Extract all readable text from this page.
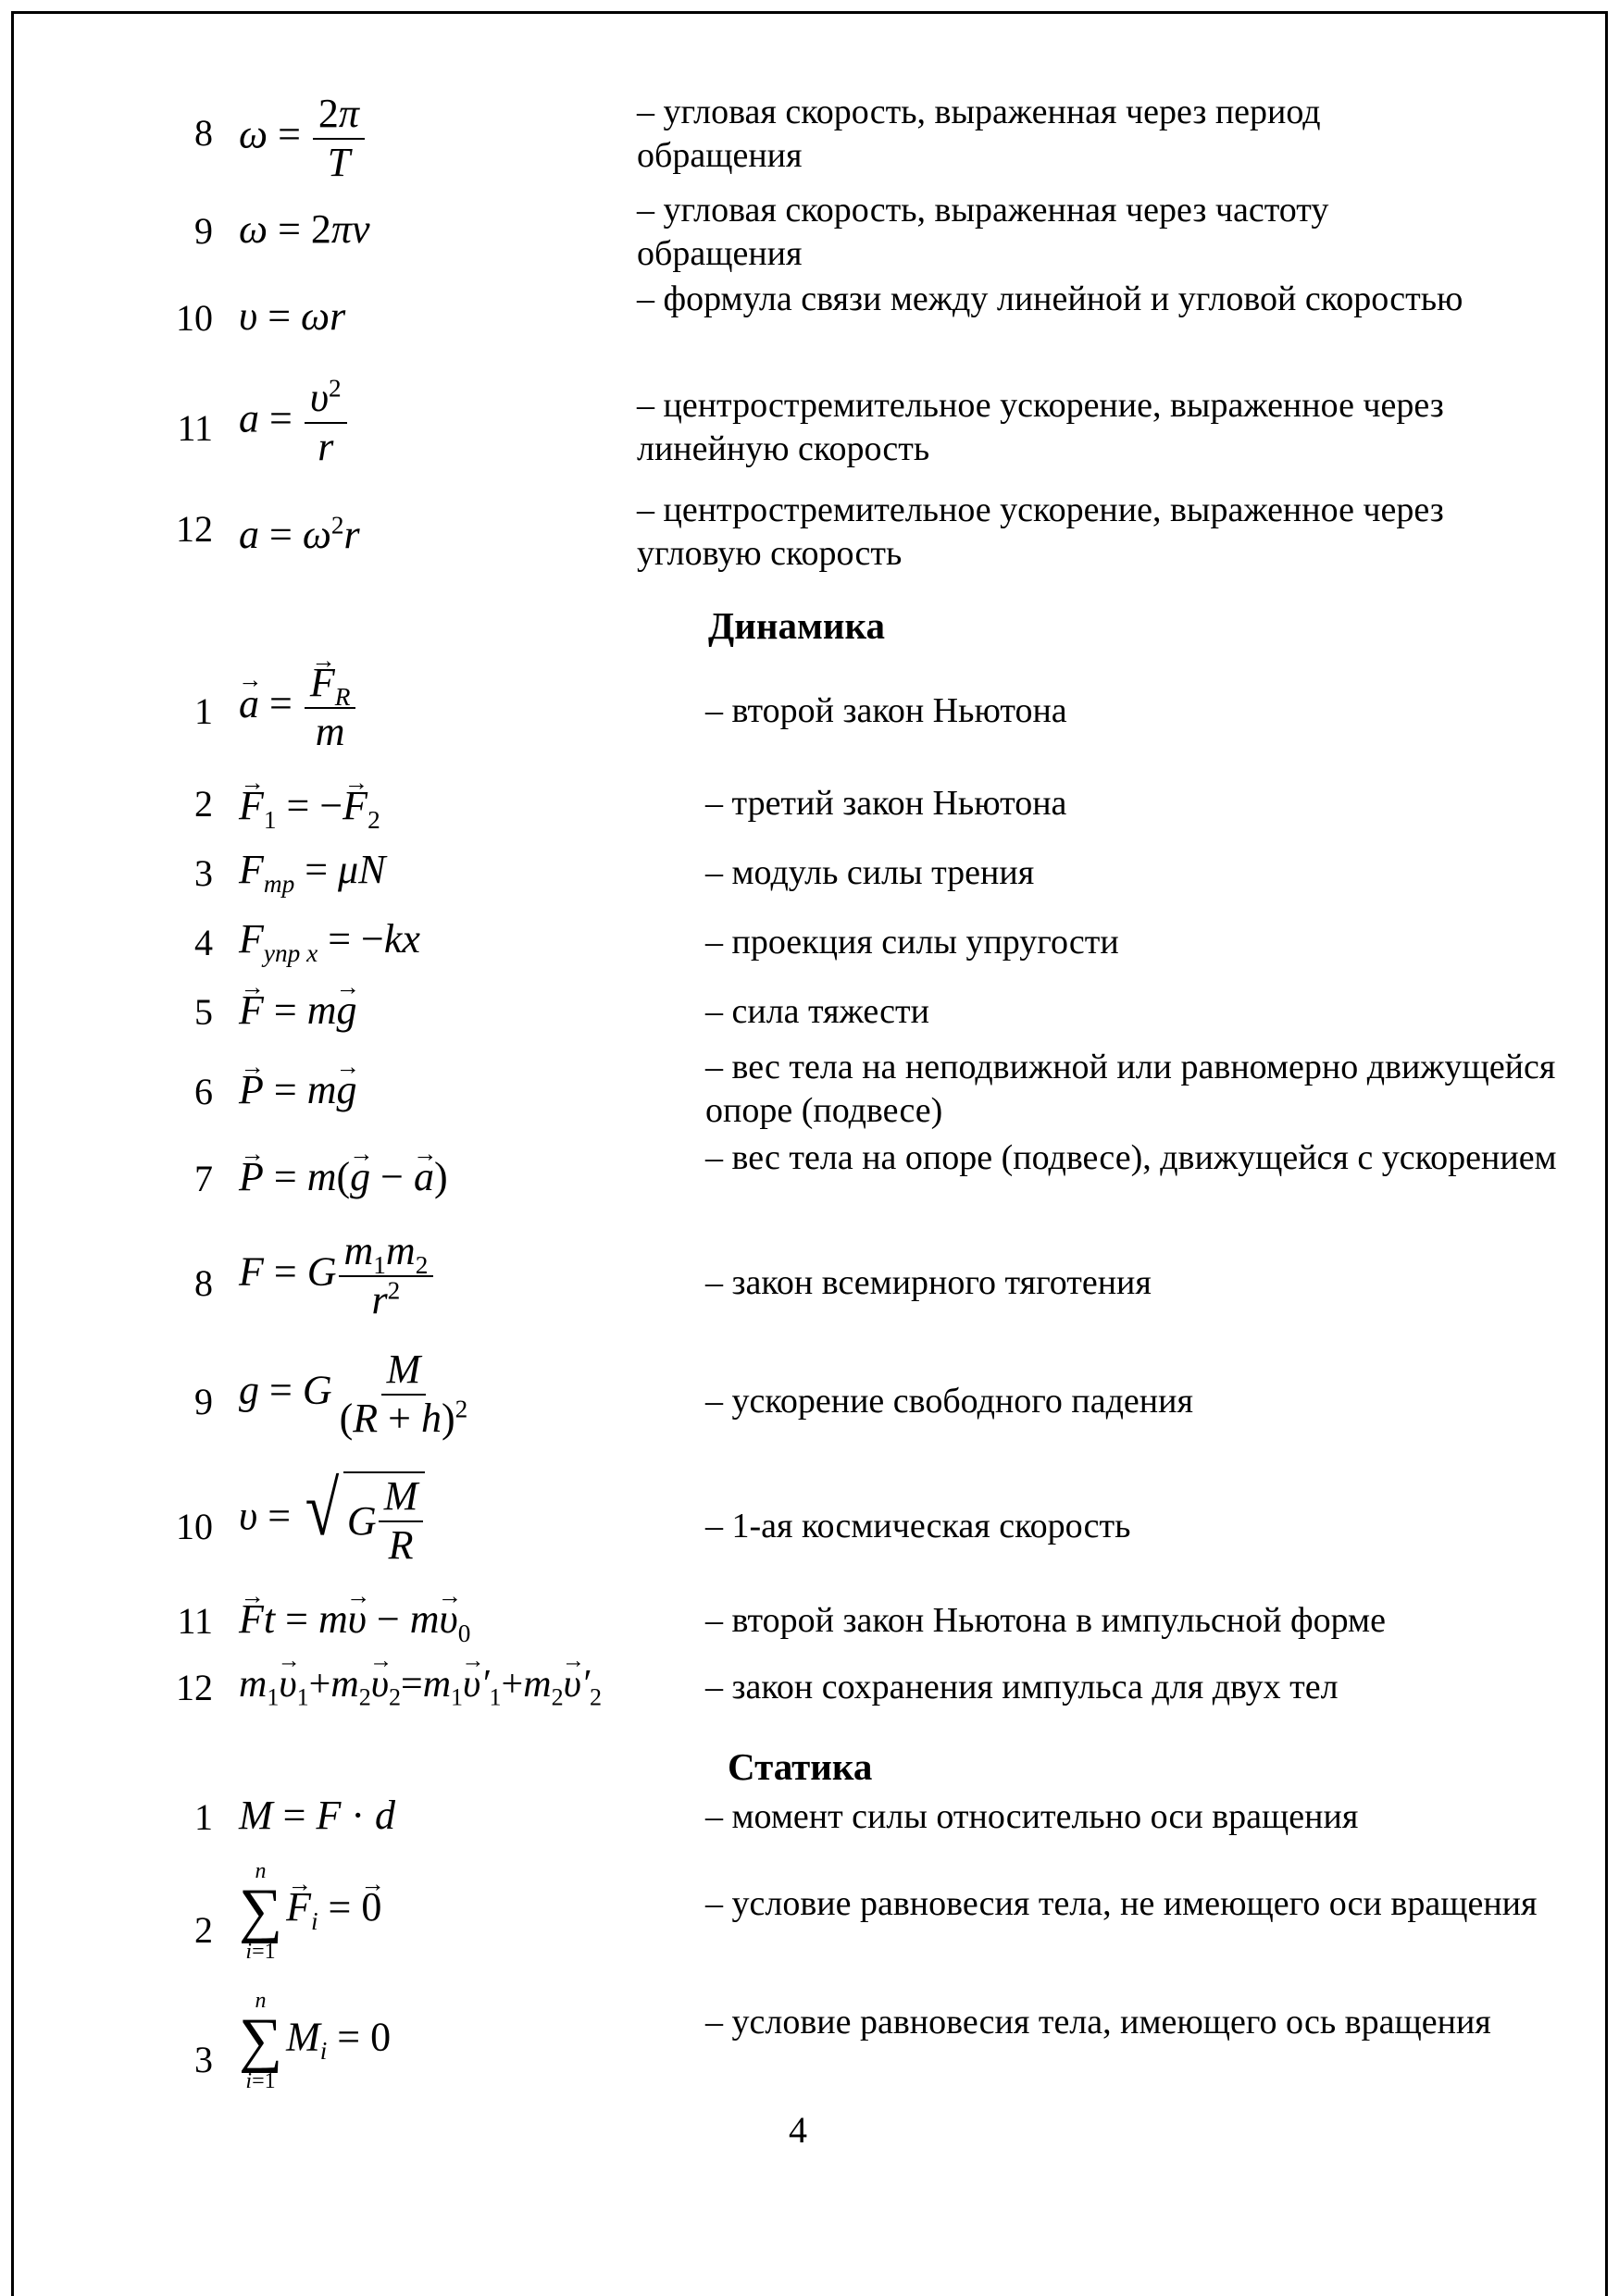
8 $\omega = \frac{2\pi}{T}$	– угловая скорость, выраженная через период обращения
9 ω = 2πν	– угловая скорость, выраженная через частоту обращения
10 υ = ωr	– формула связи между линейной и угловой скоростью
11 $a = \frac{\upsilon^2}{r}$	– центростремительное ускорение, выраженное через линейную скорость
12 $a = \omega^2r$
– центростремительное ускорение, выраженное через угловую скорость
Динамика
1
→ a =
→ $\frac{F_R}{m}$	– второй закон Ньютона
2
→ $F_1$ = −→ $F_2$	– третий закон Ньютона
3 $F_{тр} = \mu N$	– модуль силы трения
4 $F_{упр x} = -kx$	– проекция силы упругости
5
→ F = m→ g	– сила тяжести
6
→ P = m→ g	– вес тела на неподвижной или равномерно движущейся опоре (подвесе)
7
→ P = m(→ g − → a)	– вес тела на опоре (подвесе), движущейся с ускорением
8 F = G $\frac{m_1m_2}{r^2}$	– закон всемирного тяготения
9 g = G $\frac{M}{(R + h)^2}$	– ускорение свободного падения
10 υ = √ G $\frac{M}{R}$	– 1-ая космическая скорость
11
→ $Ft = m\to \upsilon - m\to \upsilon_0$	– второй закон Ньютона в импульсной форме
12 $m_1\to \upsilon_1+m_2\to \upsilon_2=m_1\to \upsilon'_1+m_2\to \upsilon'_2$	– закон сохранения импульса для двух тел
Статика
1 M = F · d	– момент силы относительно оси вращения
2
n
∑
i=1
→ $F_i$ = → 0	– условие равновесия тела, не имеющего оси вращения
3
n
∑
i=1
$M_i = 0$	– условие равновесия тела, имеющего ось вращения
4
